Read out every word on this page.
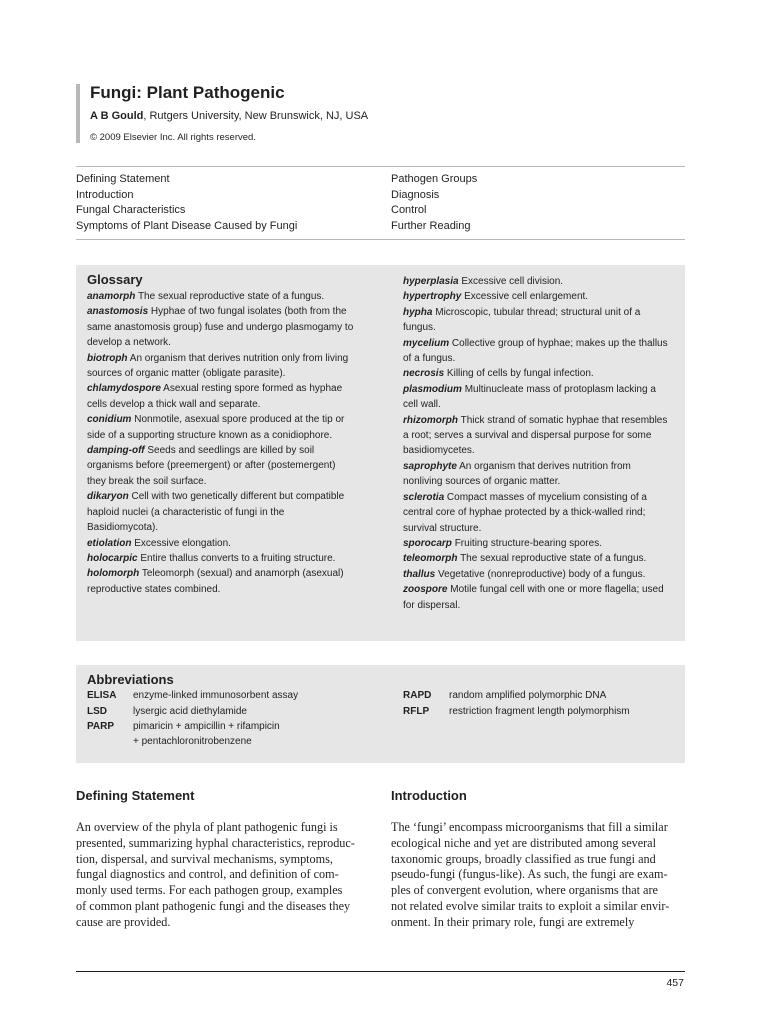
Fungi: Plant Pathogenic
A B Gould, Rutgers University, New Brunswick, NJ, USA
© 2009 Elsevier Inc. All rights reserved.
Defining Statement
Introduction
Fungal Characteristics
Symptoms of Plant Disease Caused by Fungi
Pathogen Groups
Diagnosis
Control
Further Reading
Glossary

anamorph The sexual reproductive state of a fungus.

anastomosis Hyphae of two fungal isolates (both from the same anastomosis group) fuse and undergo plasmogamy to develop a network.

biotroph An organism that derives nutrition only from living sources of organic matter (obligate parasite).

chlamydospore Asexual resting spore formed as hyphae cells develop a thick wall and separate.

conidium Nonmotile, asexual spore produced at the tip or side of a supporting structure known as a conidiophore.

damping-off Seeds and seedlings are killed by soil organisms before (preemergent) or after (postemergent) they break the soil surface.

dikaryon Cell with two genetically different but compatible haploid nuclei (a characteristic of fungi in the Basidiomycota).

etiolation Excessive elongation.

holocarpic Entire thallus converts to a fruiting structure.

holomorph Teleomorph (sexual) and anamorph (asexual) reproductive states combined.

hyperplasia Excessive cell division.

hypertrophy Excessive cell enlargement.

hypha Microscopic, tubular thread; structural unit of a fungus.

mycelium Collective group of hyphae; makes up the thallus of a fungus.

necrosis Killing of cells by fungal infection.

plasmodium Multinucleate mass of protoplasm lacking a cell wall.

rhizomorph Thick strand of somatic hyphae that resembles a root; serves a survival and dispersal purpose for some basidiomycetes.

saprophyte An organism that derives nutrition from nonliving sources of organic matter.

sclerotia Compact masses of mycelium consisting of a central core of hyphae protected by a thick-walled rind; survival structure.

sporocarp Fruiting structure-bearing spores.

teleomorph The sexual reproductive state of a fungus.

thallus Vegetative (nonreproductive) body of a fungus.

zoospore Motile fungal cell with one or more flagella; used for dispersal.

Abbreviations
ELISA enzyme-linked immunosorbent assay
LSD	lysergic acid diethylamide
PARP pimaricin + ampicillin + rifampicin
+ pentachloronitrobenzene
RAPD random amplified polymorphic DNA
RFLP restriction fragment length polymorphism
Defining Statement	Introduction
An overview of the phyla of plant pathogenic fungi is
presented, summarizing hyphal characteristics, reproduc-
tion, dispersal, and survival mechanisms, symptoms,
fungal diagnostics and control, and definition of com-
monly used terms. For each pathogen group, examples
of common plant pathogenic fungi and the diseases they
cause are provided.
The ‘fungi’ encompass microorganisms that fill a similar
ecological niche and yet are distributed among several
taxonomic groups, broadly classified as true fungi and
pseudo-fungi (fungus-like). As such, the fungi are exam-
ples of convergent evolution, where organisms that are
not related evolve similar traits to exploit a similar envir-
onment. In their primary role, fungi are extremely
457
